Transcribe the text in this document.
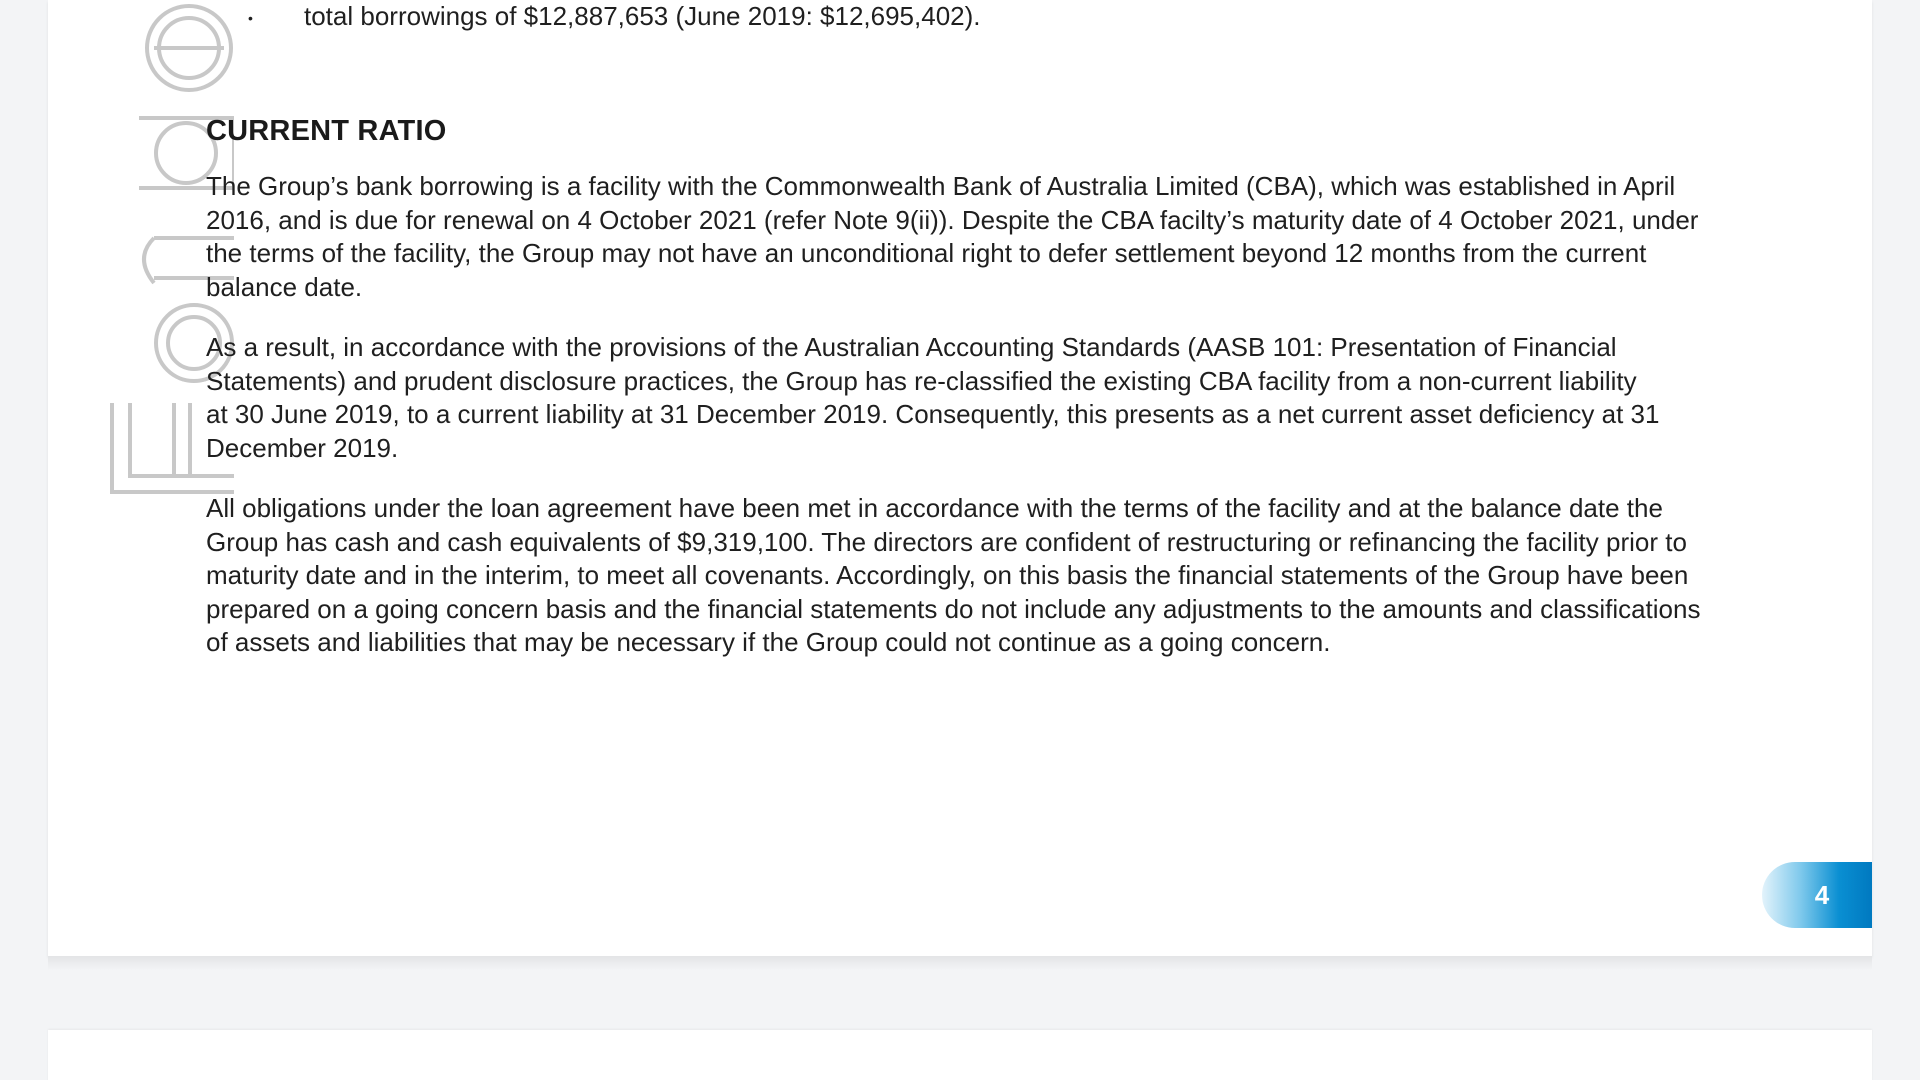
• total borrowings of $12,887,653 (June 2019: $12,695,402).
CURRENT RATIO

The Group’s bank borrowing is a facility with the Commonwealth Bank of Australia Limited (CBA), which was established in April
2016, and is due for renewal on 4 October 2021 (refer Note 9(ii)). Despite the CBA facilty’s maturity date of 4 October 2021, under
the terms of the facility, the Group may not have an unconditional right to defer settlement beyond 12 months from the current
balance date.

As a result, in accordance with the provisions of the Australian Accounting Standards (AASB 101: Presentation of Financial
Statements) and prudent disclosure practices, the Group has re-classified the existing CBA facility from a non-current liability
at 30 June 2019, to a current liability at 31 December 2019. Consequently, this presents as a net current asset deficiency at 31
December 2019.

All obligations under the loan agreement have been met in accordance with the terms of the facility and at the balance date the
Group has cash and cash equivalents of $9,319,100. The directors are confident of restructuring or refinancing the facility prior to
maturity date and in the interim, to meet all covenants. Accordingly, on this basis the financial statements of the Group have been
prepared on a going concern basis and the financial statements do not include any adjustments to the amounts and classifications
of assets and liabilities that may be necessary if the Group could not continue as a going concern.

4
